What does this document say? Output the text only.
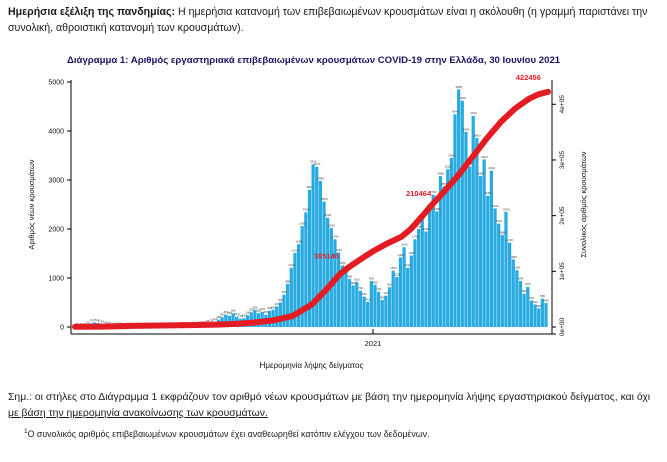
Ημερήσια εξέλιξη της πανδημίας: Η ημερήσια κατανομή των επιβεβαιωμένων κρουσμάτων είναι η ακόλουθη (η γραμμή παριστάνει την συνολική, αθροιστική κατανομή των κρουσμάτων).
Διάγραμμα 1: Αριθμός εργαστηριακά επιβεβαιωμένων κρουσμάτων COVID-19 στην Ελλάδα, 30 Ιουνίου 2021
5 8 12 35 75 95 80 55 40 30 22 18 15 12 16 10 12 14 10 8 9 11 13 10 12 15 10 14 18 24 30 22 26 32 38 52 65 78 110
150
200
250
230
280
210
170
180
240
300
350
280
310
250
330
350
420
500
660
880
1210
1510
1690
2060
2340
2800
3320
3270
2980
2560
2230
2020
1790
1520
1250
1190
980
850
920
740
620
510
940
860
720
550
640
810
1150
1020
1420
1630
1210
1460
1790
2000
2210
1950
2420
2700
2360
3080
2870
3220
3450
4340
4850
4620
3980
3270
4310
3860
3080
3420
2680
3190
2420
2110
1880
2350
1720
1380
1160
940
680
820
540
460
380
580
490
0
1000
2000
3000
4000
5000
0e+00
1e+05
2e+05
3e+05
4e+05
2021
Αριθμός νέων κρουσμάτων	Συνολικός αριθμός κρουσμάτων
Ημερομηνία λήψης δείγματος
105146
210464
422456
Σημ.: οι στήλες στο Διάγραμμα 1 εκφράζουν τον αριθμό νέων κρουσμάτων με βάση την ημερομηνία λήψης εργαστηριακού δείγματος, και όχι
με βάση την ημερομηνία ανακοίνωσης των κρουσμάτων.
$^1$Ο συνολικός αριθμός επιβεβαιωμένων κρουσμάτων έχει αναθεωρηθεί κατόπιν ελέγχου των δεδομένων.
